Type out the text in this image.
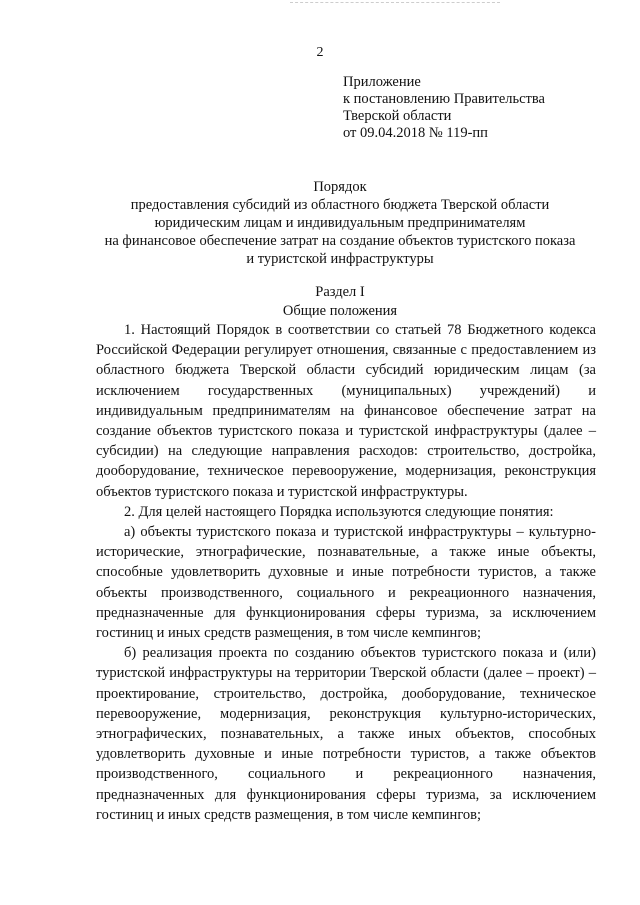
2
Приложение
к постановлению Правительства
Тверской области
от 09.04.2018 № 119-пп
Порядок
предоставления субсидий из областного бюджета Тверской области
юридическим лицам и индивидуальным предпринимателям
на финансовое обеспечение затрат на создание объектов туристского показа
и туристской инфраструктуры
Раздел I
Общие положения

1. Настоящий Порядок в соответствии со статьей 78 Бюджетного кодекса Российской Федерации регулирует отношения, связанные с предоставлением из областного бюджета Тверской области субсидий юридическим лицам (за исключением государственных (муниципальных) учреждений) и индивидуальным предпринимателям на финансовое обеспечение затрат на создание объектов туристского показа и туристской инфраструктуры (далее – субсидии) на следующие направления расходов: строительство, достройка, дооборудование, техническое перевооружение, модернизация, реконструкция объектов туристского показа и туристской инфраструктуры.

2. Для целей настоящего Порядка используются следующие понятия:

а) объекты туристского показа и туристской инфраструктуры – культурно-исторические, этнографические, познавательные, а также иные объекты, способные удовлетворить духовные и иные потребности туристов, а также объекты производственного, социального и рекреационного назначения, предназначенные для функционирования сферы туризма, за исключением гостиниц и иных средств размещения, в том числе кемпингов;

б) реализация проекта по созданию объектов туристского показа и (или) туристской инфраструктуры на территории Тверской области (далее – проект) – проектирование, строительство, достройка, дооборудование, техническое перевооружение, модернизация, реконструкция культурно-исторических, этнографических, познавательных, а также иных объектов, способных удовлетворить духовные и иные потребности туристов, а также объектов производственного, социального и рекреационного назначения, предназначенных для функционирования сферы туризма, за исключением гостиниц и иных средств размещения, в том числе кемпингов;
